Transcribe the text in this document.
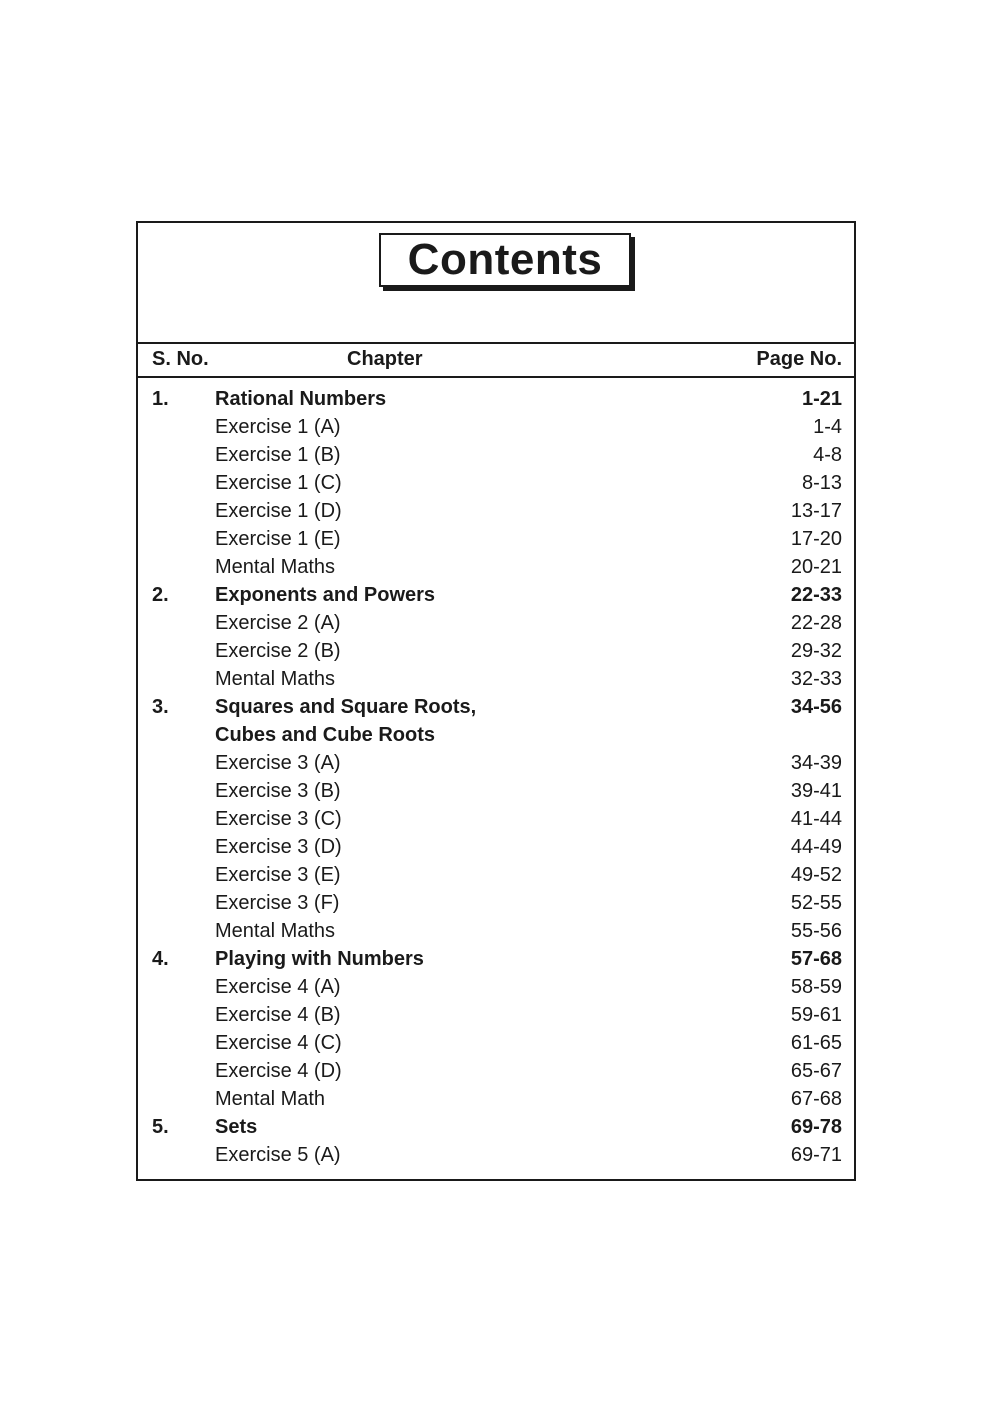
Contents
S. No.	Chapter	Page No.
1. Rational Numbers	1-21
Exercise 1 (A)	1-4
Exercise 1 (B)	4-8
Exercise 1 (C)	8-13
Exercise 1 (D)	13-17
Exercise 1 (E)	17-20
Mental Maths	20-21
2. Exponents and Powers	22-33
Exercise 2 (A)	22-28
Exercise 2 (B)	29-32
Mental Maths	32-33
3. Squares and Square Roots,	34-56
Cubes and Cube Roots
Exercise 3 (A)	34-39
Exercise 3 (B)	39-41
Exercise 3 (C)	41-44
Exercise 3 (D)	44-49
Exercise 3 (E)	49-52
Exercise 3 (F)	52-55
Mental Maths	55-56
4. Playing with Numbers	57-68
Exercise 4 (A)	58-59
Exercise 4 (B)	59-61
Exercise 4 (C)	61-65
Exercise 4 (D)	65-67
Mental Math	67-68
5. Sets	69-78
Exercise 5 (A)	69-71
